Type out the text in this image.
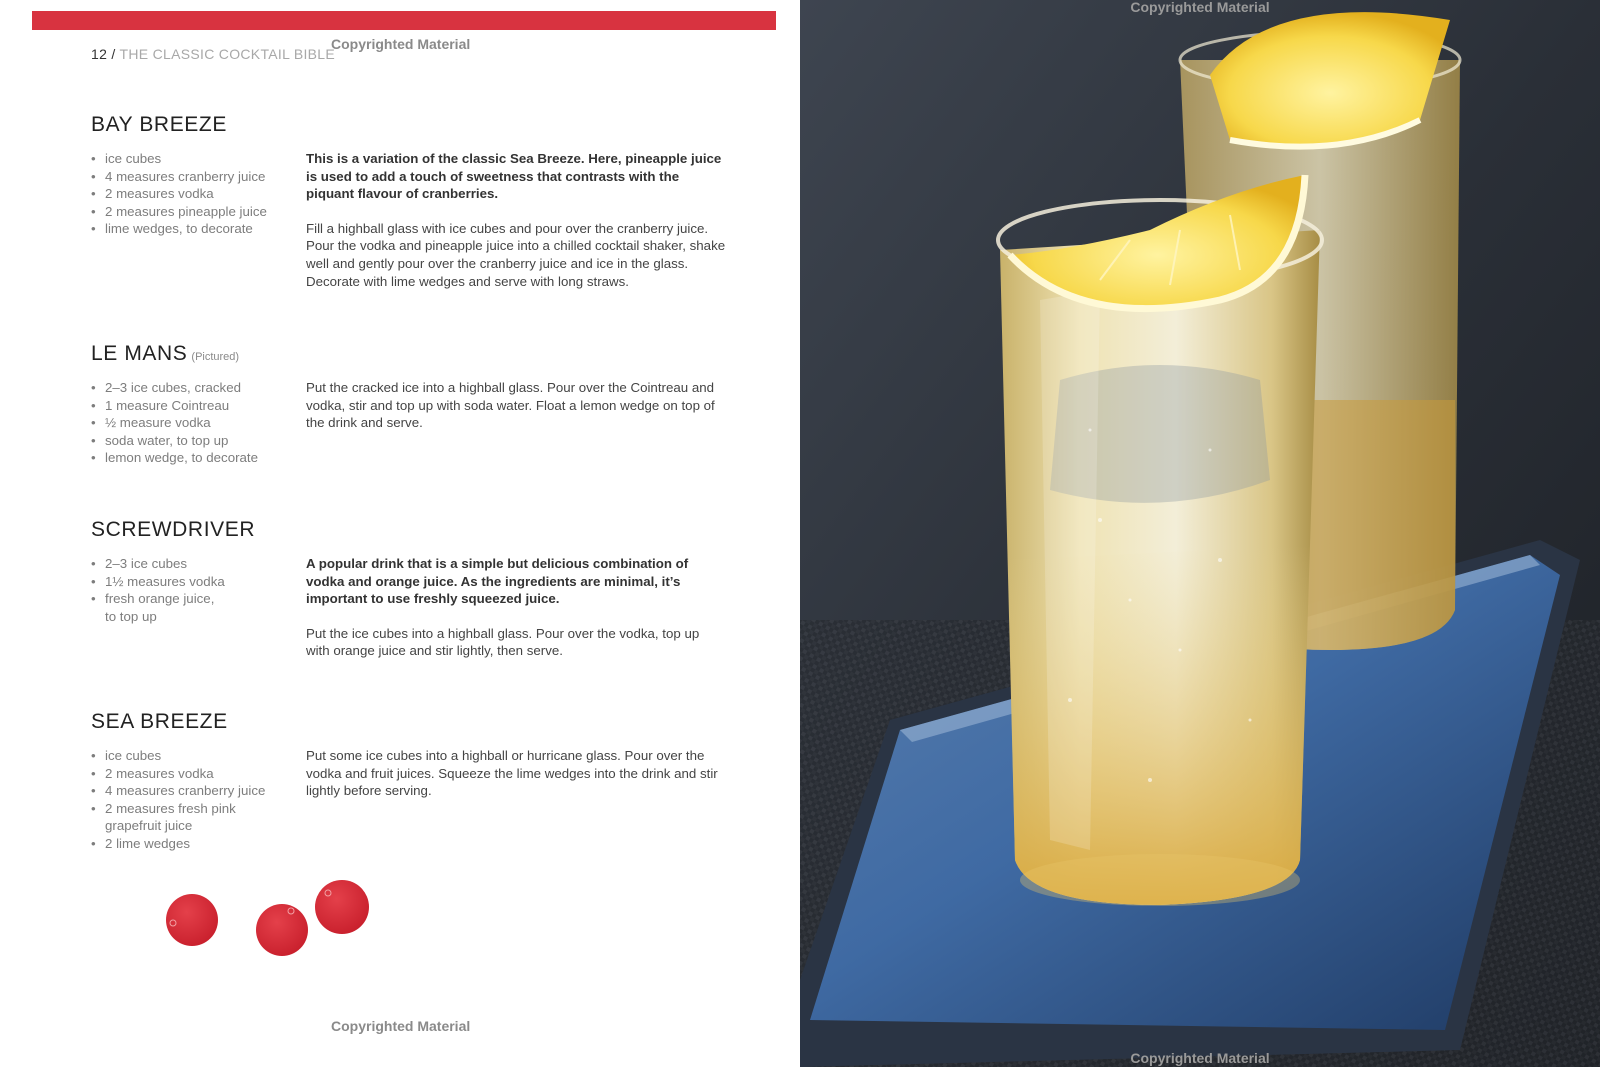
12 / THE CLASSIC COCKTAIL BIBLE
Copyrighted Material
BAY BREEZE
• ice cubes
• 4 measures cranberry juice
• 2 measures vodka
• 2 measures pineapple juice
• lime wedges, to decorate

This is a variation of the classic Sea Breeze. Here, pineapple juice is used to add a touch of sweetness that contrasts with the piquant flavour of cranberries.

Fill a highball glass with ice cubes and pour over the cranberry juice. Pour the vodka and pineapple juice into a chilled cocktail shaker, shake well and gently pour over the cranberry juice and ice in the glass. Decorate with lime wedges and serve with long straws.

LE MANS (Pictured)
• 2–3 ice cubes, cracked
• 1 measure Cointreau
• ½ measure vodka
• soda water, to top up
• lemon wedge, to decorate

Put the cracked ice into a highball glass. Pour over the Cointreau and vodka, stir and top up with soda water. Float a lemon wedge on top of the drink and serve.

SCREWDRIVER
• 2–3 ice cubes
• 1½ measures vodka
• fresh orange juice, to top up

A popular drink that is a simple but delicious combination of vodka and orange juice. As the ingredients are minimal, it’s important to use freshly squeezed juice.

Put the ice cubes into a highball glass. Pour over the vodka, top up with orange juice and stir lightly, then serve.

SEA BREEZE
• ice cubes
• 2 measures vodka
• 4 measures cranberry juice
• 2 measures fresh pink grapefruit juice
• 2 lime wedges

Put some ice cubes into a highball or hurricane glass. Pour over the vodka and fruit juices. Squeeze the lime wedges into the drink and stir lightly before serving.

Copyrighted Material
Copyrighted Material
Copyrighted Material
